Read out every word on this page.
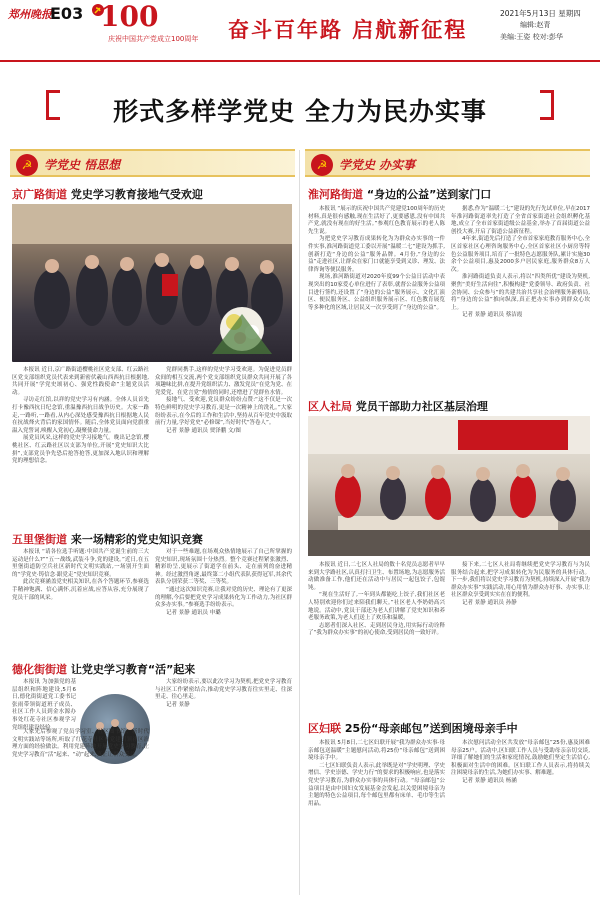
郑州晚报
E03 100
庆祝中国共产党成立100周年 奋斗百年路 启航新征程
2021年5月13日 星期四
编辑:赵青
美编:王姿 校对:彭华
形式多样学党史 全力为民办实事
☭ 学党史 悟思想	☭ 学党史 办实事
京广路街道 党史学习教育接地气受欢迎

本报讯 近日,京广路街道樱桃社区党支部、红云路社区党支部组织党员代表来到新密伏羲山西西抗日根据地,共同开展“学党史颂初心、强党性践使命”主题党员活动。

寻访走红馆,以祥的党史学习有内涵。全体人员首先打卡豫西抗日纪念馆,重温豫西抗日战争历史。大家一路走,一路听,一路看,从内心深处感受豫西抗日根据地人民在抗战烽火背后的家国情怀。随后,全体党员面向党旗重温入党誓词,唤醒入党初心,凝聚使命力量。

展党员风采,这样的党史学习接地气。晚出记念馆,樱桃社区、红云路社区以支部为单位,开展“党史知识大比拼”,支部党员争先恐后抢答抢答,更加深入地认识和理解党的理想信念。

党群同携手,这样的党史学习受欢迎。为促进党员群众间的相互交流,两个党支部组织党员群众共同开展了各项趣味比拼,在提升党组织活力、激发党员“在党为党、在党爱党、在党言党”热情的同时,还增进了党群鱼水情。

接地气、受欢迎,党员群众纷纷点赞:“这不仅是一次特色鲜明的党史学习教育,更是一次精神上的洗礼。”大家纷纷表示,在今后的工作和生活中,坚持从百年党史中汲取前行力量,学好党史“必修课”,当好时代“答卷人”。

记者 景静 通讯员 贾泽鹏 文/图

五里堡街道 来一场精彩的党史知识竞赛

本报讯 “请各位选手听题:中国共产党诞生前的三大运动是什么?”“五一战线,武装斗争,党的建设。”近日,在五里堡街道防空兵社区新时代文明实践站,一场别开生面的“学党史·铸信念·跟党走”党史知识竞赛。

此次竞赛涵盖党史相关知识,在各个答题环节,参赛选手精神饱满、信心满怀,沉着应战,应答从容,充分展现了党员干部的风采。

对于一些难题,在场观众热情地展示了自己所掌握的党史知识,现场氛围十分热烈。整个竞赛过程紧张激烈、精彩纷呈,更展示了街道学在前头、走在前列的奋进精神。经过激烈角逐,最终第二小组代表队获得冠军,其余代表队分别荣获二等奖、三等奖。

“通过这次知识竞赛,让我对党的历史、理论有了更深的理解,今后要把党史学习成果转化为工作动力,为社区群众多办实事。”参赛选手纷纷表示。

记者 景静 通讯员 申璐

德化街街道 让党史学习教育“活”起来

本报讯 为加强党的基层组织和阵地建设,5月6日,德化街街道党工委书记张雨带领街道班子成员、社区工作人员到金水源办事处红花寺社区参观学习党组织建设经验。

大家先后参观了党员学习室、社区图书馆、新时代文明实践站等场所,听取了红花寺社区在党建引领社区治理方面的经验做法。利用党建阵地开展党史学习教育,让党史学习教育“活”起来、“动”起来,真正让群众受益。

大家纷纷表示,要以此次学习为契机,把党史学习教育与社区工作紧密结合,推动党史学习教育往实里走、往深里走、往心里走。

记者 景静

淮河路街道 “身边的公益”送到家门口

本报讯 “展示的庆祝中国共产党建党100周年的历史材料,真是很有感触,现在生活好了,更要感恩,没有中国共产党,就没有现在的好生活。”参观红色教育展示的老人陈先生说。

为把党史学习教育成果转化为为群众办实事的一件件实事,淮河路街道党工委以开展“温暖二七”建设为抓手,创新打造“身边的公益”服务品牌。4月份,“身边的公益”走进社区,让群众在家门口就能享受到义诊、理发、法律咨询等便民服务。

现场,淮河路街道对2020年度99个公益日活动中表现突出的10家爱心单位进行了表彰,就督公益服务公益项目进行签约,还设置了“身边的公益”服务展示、文化汇演区、便民服务区、公益组织服务展示区、红色教育展览等多种化的区域,让居民又一次享受到了“身边的公益”。

据悉,作为“温暖二七”建设的先行先试单位,早在2017年淮河路街道率先打造了全省首家街道社会组织孵化基地,成立了全市首家街道级公益基金,举办了首届街道公益创投大赛,开启了街道公益新征程。

4年来,街道先后打造了全市首家家庭教育服务中心,全区首家社区心理咨询服务中心,全区首家社区小厨房等特色公益服务项目,培育了一批特色志愿服务队,累计实施30余个公益项目,惠及2000多户居民家庭,服务群众8万人次。

淮河路街道负责人表示,将以“四类所优”建设为契机,聚焦“美好生活向往”,积极构建“党委领导、政府负责、社会协同、公众参与”的共建共治共享社会治理服务新格局,将“身边的公益”推向纵深,真正把办实事办到群众心坎上。

记者 景静 通讯员 蔡洁霞

区人社局 党员干部助力社区基层治理

本报讯 近日,二七区人社局的数十名党员志愿者早早来到大学路社区,认真打扫卫生、布置场地,为志愿服务活动做准备工作,他们还在活动中与居民一起包饺子,包馄饨。

“现在生活好了,一年到头都能吃上饺子,我们社区老人特别欢迎你们过来陪我们聊天。”社区老人李奶奶高兴地说。活动中,党员干部还为老人们讲解了党史知识和养老服务政策,为老人们送上了欢乐和温暖。

志愿者们深入社区、走到居民身边,用实际行动诠释了“我为群众办实事”的初心使命,受到居民的一致好评。

接下来,二七区人社局将继续把党史学习教育与为民服务结合起来,把学习成果转化为为民服务的具体行动。下一步,我们将以党史学习教育为契机,持续深入开展“我为群众办实事”实践活动,用心用情为群众办好事、办实事,让社区群众享受到实实在在的便利。

记者 景静 通讯员 孙静

区妇联 25份“母亲邮包”送到困境母亲手中

本报讯 5月8日,二七区妇联开展“我为群众办实事·母亲邮包送温暖”主题慰问活动,将25份“母亲邮包”送到困境母亲手中。

二七区妇联负责人表示,此举既是对“学史明理、学史增信、学史崇德、学史力行”的要求的积极响应,也是落实党史学习教育,为群众办实事的具体行动。“母亲邮包”公益项目是由中国妇女发展基金会发起,以关爱困境母亲为主题的特色公益项目,每个邮包里都有床单、毛巾等生活用品。

本次慰问活动全区共发放“母亲邮包”25份,惠及困难母亲25户。活动中,区妇联工作人员与受助母亲亲切交谈,详细了解她们的生活和家庭情况,鼓励她们坚定生活信心,积极面对生活中的困难。区妇联工作人员表示,将持续关注困境母亲的生活,为她们办实事、解难题。

记者 景静 通讯员 杨涵
